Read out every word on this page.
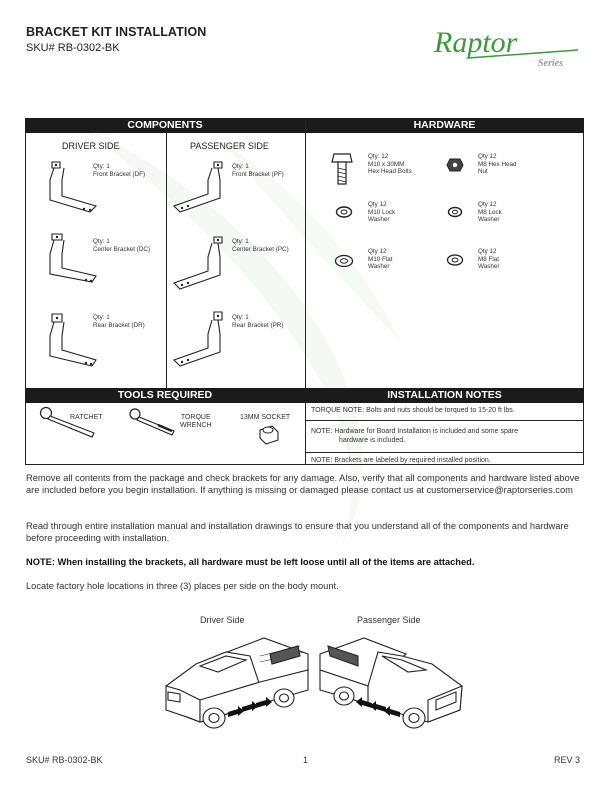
BRACKET KIT INSTALLATION
SKU# RB-0302-BK	Raptor
Series
COMPONENTS	HARDWARE
TOOLS REQUIRED	INSTALLATION NOTES
DRIVER SIDE	PASSENGER SIDE
Qty: 1
Front Bracket (DF)
Qty: 1
Center Bracket (DC)
Qty: 1
Rear Bracket (DR)
Qty: 1
Front Bracket (PF)
Qty: 1
Center Bracket (PC)
Qty: 1
Rear Bracket (PR)
Qty: 12
M10 x 30MM
Hex Head Bolts
Qty 12
M8 Hex Head
Nut
Qty 12
M10 Lock
Washer
Qty 12
M8 Lock
Washer
Qty 12
M10 Flat
Washer
Qty 12
M8 Flat
Washer
RATCHET	TORQUE
WRENCH
13MM SOCKET
TORQUE NOTE: Bolts and nuts should be torqued to 15-20 ft lbs.
NOTE: Hardware for Board Installation is included and some spare
hardware is included.
NOTE: Brackets are labeled by required installed position.
Remove all contents from the package and check brackets for any damage. Also, verify that all components and hardware listed above are included before you begin installation. If anything is missing or damaged please contact us at customerservice@raptorseries.com
Read through entire installation manual and installation drawings to ensure that you understand all of the components and hardware before proceeding with installation.
NOTE: When installing the brackets, all hardware must be left loose until all of the items are attached.
Locate factory hole locations in three (3) places per side on the body mount.
Driver Side	Passenger Side
SKU# RB-0302-BK	1	REV 3
